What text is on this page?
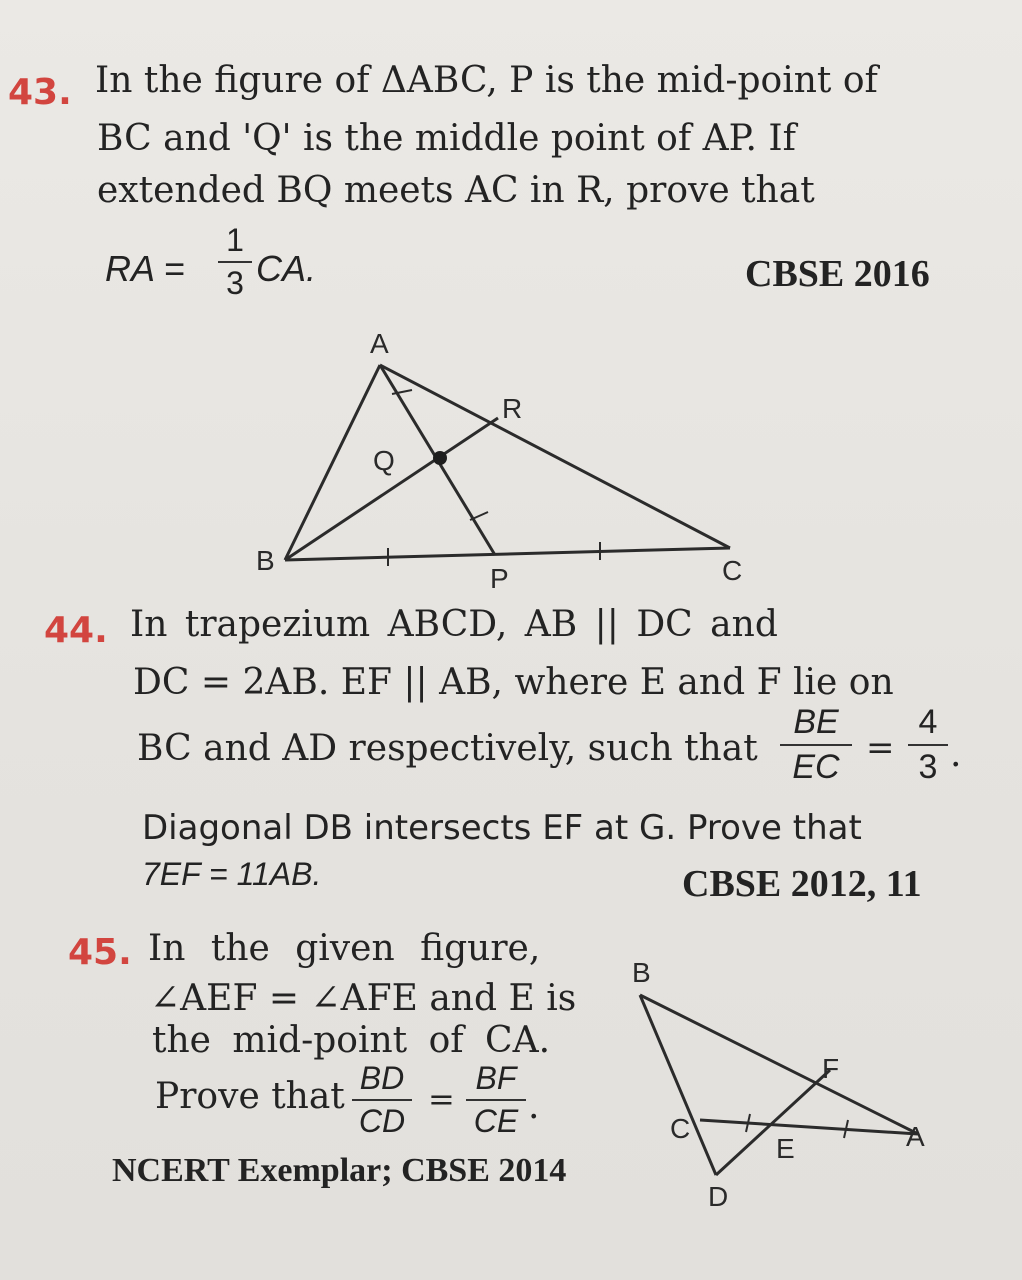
43. In the figure of ΔABC, P is the mid-point of
BC and 'Q' is the middle point of AP. If
extended BQ meets AC in R, prove that
RA =
1
3 CA.	CBSE 2016
A
B	C
P
Q
R
44. In trapezium ABCD, AB || DC and
DC = 2AB. EF || AB, where E and F lie on
BC and AD respectively, such that
BE
EC =
4
3 .
Diagonal DB intersects EF at G. Prove that
7EF = 11AB.	CBSE 2012, 11
45. In the given figure,
∠AEF = ∠AFE and E is
the mid-point of CA.
Prove that BD
CD
=
BF
CE .
NCERT Exemplar; CBSE 2014
B
C
D
E
F
A
